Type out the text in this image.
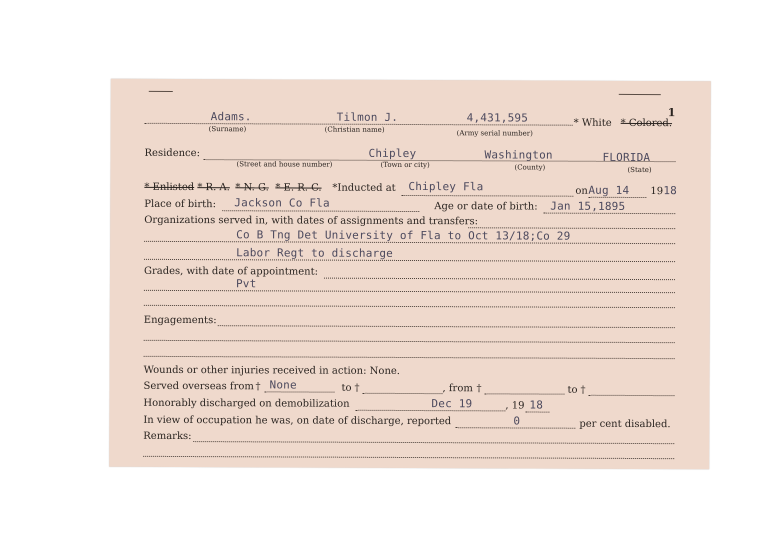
1
Adams.	Tilmon J.	4,431,595	* White * Colored.
(Surname)	(Christian name)	(Army serial number)
Residence:	Chipley	Washington	FLORIDA
(Street and house number)	(Town or city)	(County)	(State)
* Enlisted * R. A. * N. G. * E. R. C. *Inducted at Chipley Fla	on Aug 14 19 18
Place of birth: Jackson Co Fla	Age or date of birth: Jan 15,1895
Organizations served in, with dates of assignments and transfers:
Co B Tng Det University of Fla to Oct 13/18;Co 29
Labor Regt to discharge
Grades, with date of appointment:
Pvt
Engagements:
Wounds or other injuries received in action: None.
Served overseas from † None	to †	, from †	to †
Honorably discharged on demobilization	Dec 19	, 19 18
In view of occupation he was, on date of discharge, reported	0	per cent disabled.
Remarks:
